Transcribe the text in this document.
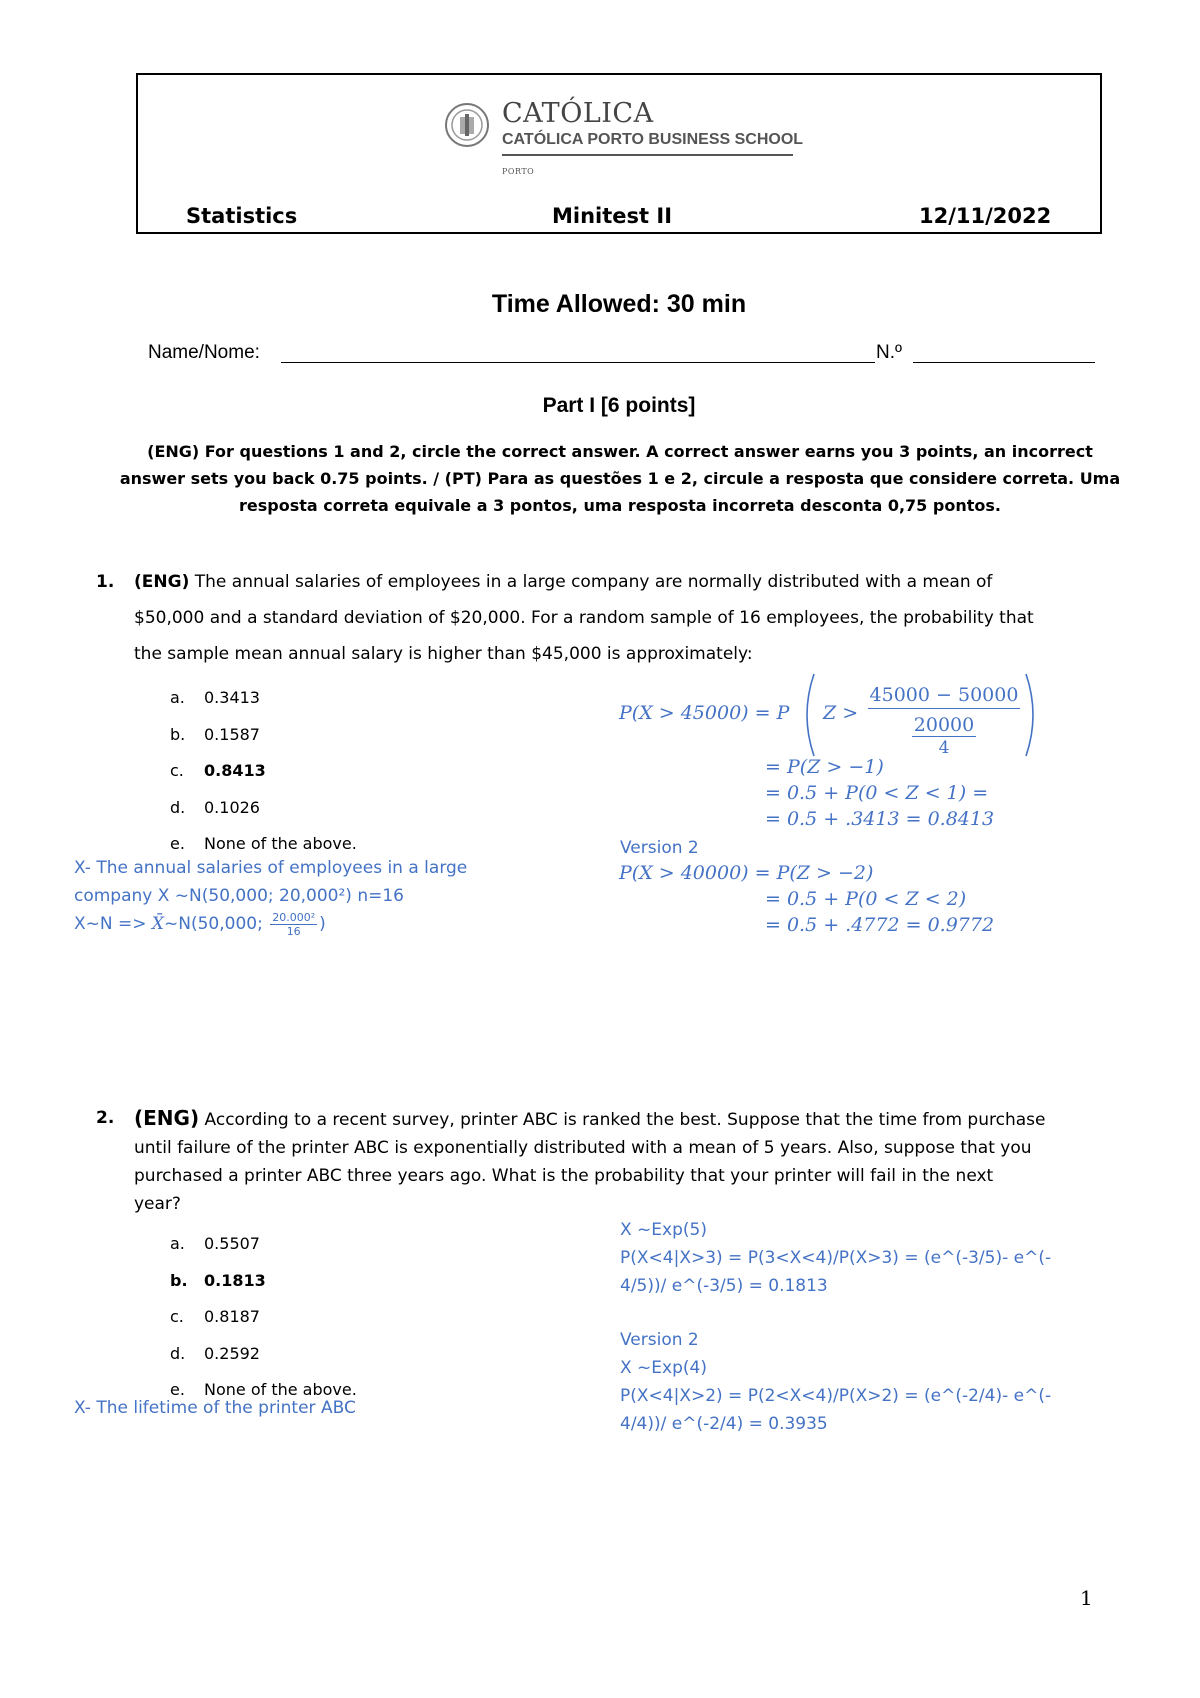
CATÓLICA
CATÓLICA PORTO BUSINESS SCHOOL
PORTO
Statistics	Minitest II	12/11/2022
Time Allowed: 30 min
Name/Nome:	N.º
Part I [6 points]
(ENG) For questions 1 and 2, circle the correct answer. A correct answer earns you 3 points, an incorrect
answer sets you back 0.75 points. / (PT) Para as questões 1 e 2, circule a resposta que considere correta. Uma
resposta correta equivale a 3 pontos, uma resposta incorreta desconta 0,75 pontos.
1. (ENG) The annual salaries of employees in a large company are normally distributed with a mean of
$50,000 and a standard deviation of $20,000. For a random sample of 16 employees, the probability that
the sample mean annual salary is higher than $45,000 is approximately:
a. 0.3413
b. 0.1587
c. 0.8413
d. 0.1026
e. None of the above.
X- The annual salaries of employees in a large
company X ~N(50,000; 20,000²) n=16
X~N => X̄ ~N(50,000; 20.000²
16 )
P(X > 45000) = P Z >
45000 − 50000
20000
4
= P(Z > −1)
= 0.5 + P(0 < Z < 1) =
= 0.5 + .3413 = 0.8413
Version 2
P(X > 40000) = P(Z > −2)
= 0.5 + P(0 < Z < 2)
= 0.5 + .4772 = 0.9772
2. (ENG) According to a recent survey, printer ABC is ranked the best. Suppose that the time from purchase
until failure of the printer ABC is exponentially distributed with a mean of 5 years. Also, suppose that you
purchased a printer ABC three years ago. What is the probability that your printer will fail in the next
year?
a. 0.5507
b. 0.1813
c. 0.8187
d. 0.2592
e. None of the above.
X- The lifetime of the printer ABC
X ~Exp(5)
P(X<4|X>3) = P(3<X<4)/P(X>3) = (e^(-3/5)- e^(-
4/5))/ e^(-3/5) = 0.1813
Version 2
X ~Exp(4)
P(X<4|X>2) = P(2<X<4)/P(X>2) = (e^(-2/4)- e^(-
4/4))/ e^(-2/4) = 0.3935
1
